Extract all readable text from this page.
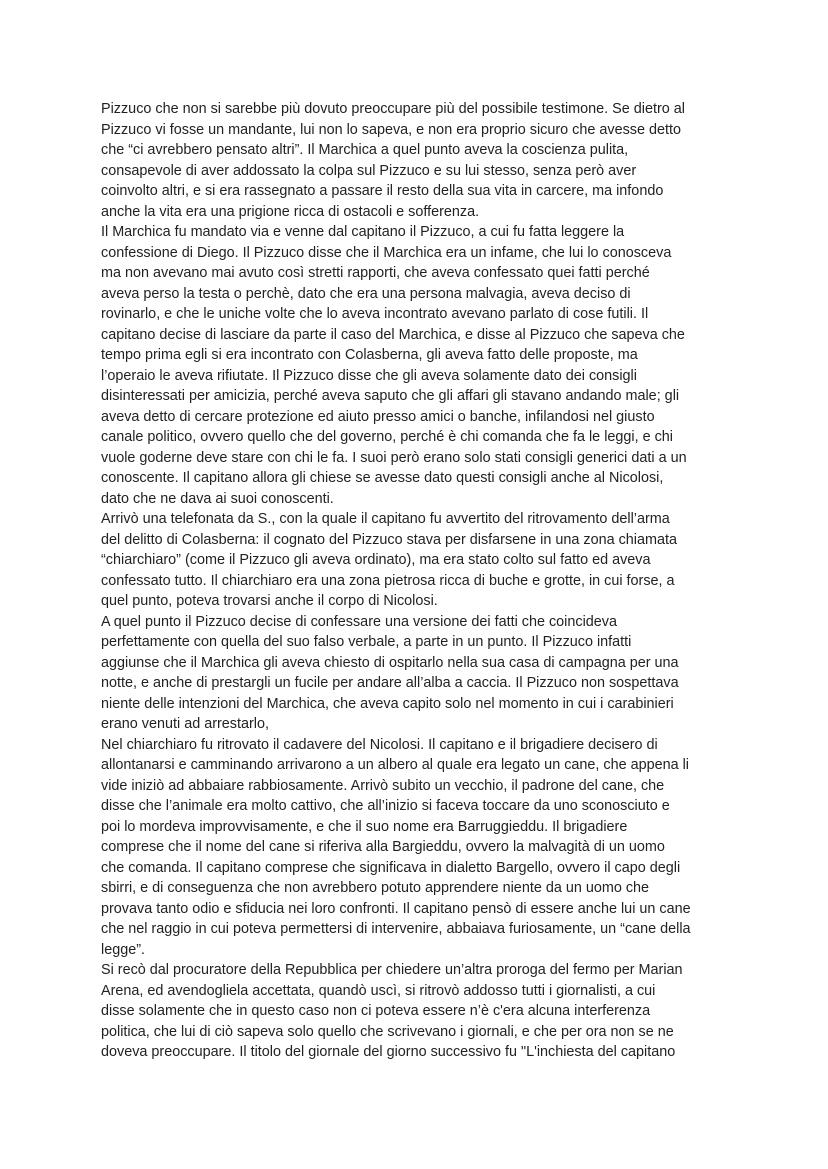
Pizzuco che non si sarebbe più dovuto preoccupare più del possibile testimone. Se dietro al
Pizzuco vi fosse un mandante, lui non lo sapeva, e non era proprio sicuro che avesse detto
che “ci avrebbero pensato altri”. Il Marchica a quel punto aveva la coscienza pulita,
consapevole di aver addossato la colpa sul Pizzuco e su lui stesso, senza però aver
coinvolto altri, e si era rassegnato a passare il resto della sua vita in carcere, ma infondo
anche la vita era una prigione ricca di ostacoli e sofferenza.
Il Marchica fu mandato via e venne dal capitano il Pizzuco, a cui fu fatta leggere la
confessione di Diego. Il Pizzuco disse che il Marchica era un infame, che lui lo conosceva
ma non avevano mai avuto così stretti rapporti, che aveva confessato quei fatti perché
aveva perso la testa o perchè, dato che era una persona malvagia, aveva deciso di
rovinarlo, e che le uniche volte che lo aveva incontrato avevano parlato di cose futili. Il
capitano decise di lasciare da parte il caso del Marchica, e disse al Pizzuco che sapeva che
tempo prima egli si era incontrato con Colasberna, gli aveva fatto delle proposte, ma
l’operaio le aveva rifiutate. Il Pizzuco disse che gli aveva solamente dato dei consigli
disinteressati per amicizia, perché aveva saputo che gli affari gli stavano andando male; gli
aveva detto di cercare protezione ed aiuto presso amici o banche, infilandosi nel giusto
canale politico, ovvero quello che del governo, perché è chi comanda che fa le leggi, e chi
vuole goderne deve stare con chi le fa. I suoi però erano solo stati consigli generici dati a un
conoscente. Il capitano allora gli chiese se avesse dato questi consigli anche al Nicolosi,
dato che ne dava ai suoi conoscenti.
Arrivò una telefonata da S., con la quale il capitano fu avvertito del ritrovamento dell’arma
del delitto di Colasberna: il cognato del Pizzuco stava per disfarsene in una zona chiamata
“chiarchiaro” (come il Pizzuco gli aveva ordinato), ma era stato colto sul fatto ed aveva
confessato tutto. Il chiarchiaro era una zona pietrosa ricca di buche e grotte, in cui forse, a
quel punto, poteva trovarsi anche il corpo di Nicolosi.
A quel punto il Pizzuco decise di confessare una versione dei fatti che coincideva
perfettamente con quella del suo falso verbale, a parte in un punto. Il Pizzuco infatti
aggiunse che il Marchica gli aveva chiesto di ospitarlo nella sua casa di campagna per una
notte, e anche di prestargli un fucile per andare all’alba a caccia. Il Pizzuco non sospettava
niente delle intenzioni del Marchica, che aveva capito solo nel momento in cui i carabinieri
erano venuti ad arrestarlo,
Nel chiarchiaro fu ritrovato il cadavere del Nicolosi. Il capitano e il brigadiere decisero di
allontanarsi e camminando arrivarono a un albero al quale era legato un cane, che appena li
vide iniziò ad abbaiare rabbiosamente. Arrivò subito un vecchio, il padrone del cane, che
disse che l’animale era molto cattivo, che all’inizio si faceva toccare da uno sconosciuto e
poi lo mordeva improvvisamente, e che il suo nome era Barruggieddu. Il brigadiere
comprese che il nome del cane si riferiva alla Bargieddu, ovvero la malvagità di un uomo
che comanda. Il capitano comprese che significava in dialetto Bargello, ovvero il capo degli
sbirri, e di conseguenza che non avrebbero potuto apprendere niente da un uomo che
provava tanto odio e sfiducia nei loro confronti. Il capitano pensò di essere anche lui un cane
che nel raggio in cui poteva permettersi di intervenire, abbaiava furiosamente, un “cane della
legge”.
Si recò dal procuratore della Repubblica per chiedere un’altra proroga del fermo per Marian
Arena, ed avendogliela accettata, quandò uscì, si ritrovò addosso tutti i giornalisti, a cui
disse solamente che in questo caso non ci poteva essere n’è c'era alcuna interferenza
politica, che lui di ciò sapeva solo quello che scrivevano i giornali, e che per ora non se ne
doveva preoccupare. Il titolo del giornale del giorno successivo fu "L'inchiesta del capitano
